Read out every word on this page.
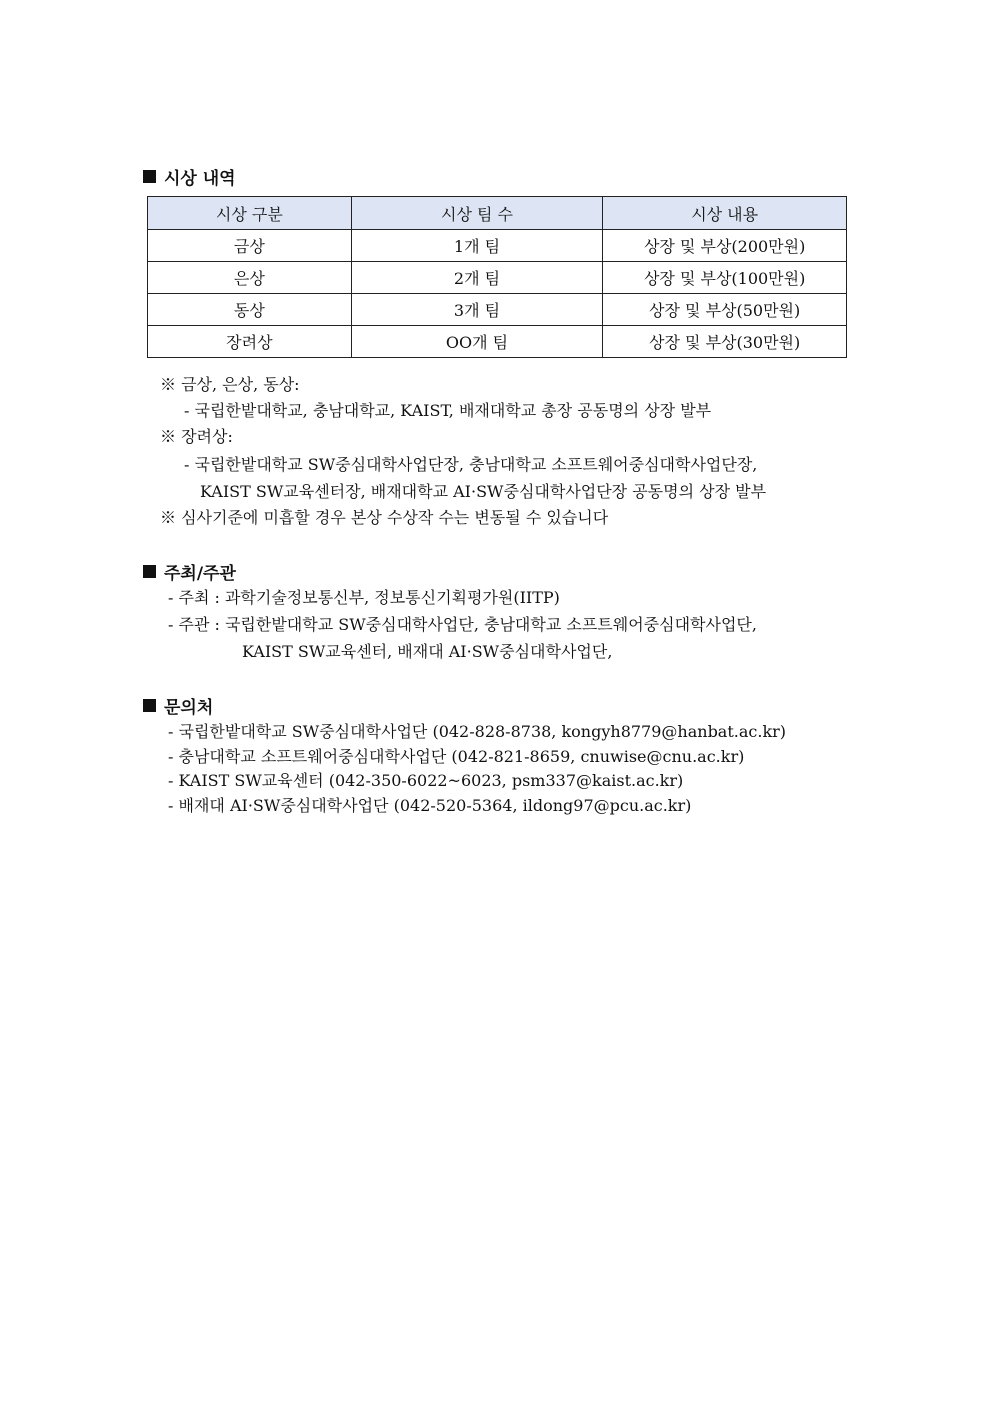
시상 내역
시상 구분	시상 팀 수	시상 내용
금상	1개 팀	상장 및 부상(200만원)
은상	2개 팀	상장 및 부상(100만원)
동상	3개 팀	상장 및 부상(50만원)
장려상	OO개 팀	상장 및 부상(30만원)
※ 금상, 은상, 동상:
- 국립한밭대학교, 충남대학교, KAIST, 배재대학교 총장 공동명의 상장 발부
※ 장려상:
- 국립한밭대학교 SW중심대학사업단장, 충남대학교 소프트웨어중심대학사업단장,
KAIST SW교육센터장, 배재대학교 AI·SW중심대학사업단장 공동명의 상장 발부
※ 심사기준에 미흡할 경우 본상 수상작 수는 변동될 수 있습니다
주최/주관
- 주최 : 과학기술정보통신부, 정보통신기획평가원(IITP)
- 주관 : 국립한밭대학교 SW중심대학사업단, 충남대학교 소프트웨어중심대학사업단,
KAIST SW교육센터, 배재대 AI·SW중심대학사업단,
문의처
- 국립한밭대학교 SW중심대학사업단 (042-828-8738, kongyh8779@hanbat.ac.kr)
- 충남대학교 소프트웨어중심대학사업단 (042-821-8659, cnuwise@cnu.ac.kr)
- KAIST SW교육센터 (042-350-6022~6023, psm337@kaist.ac.kr)
- 배재대 AI·SW중심대학사업단 (042-520-5364, ildong97@pcu.ac.kr)
